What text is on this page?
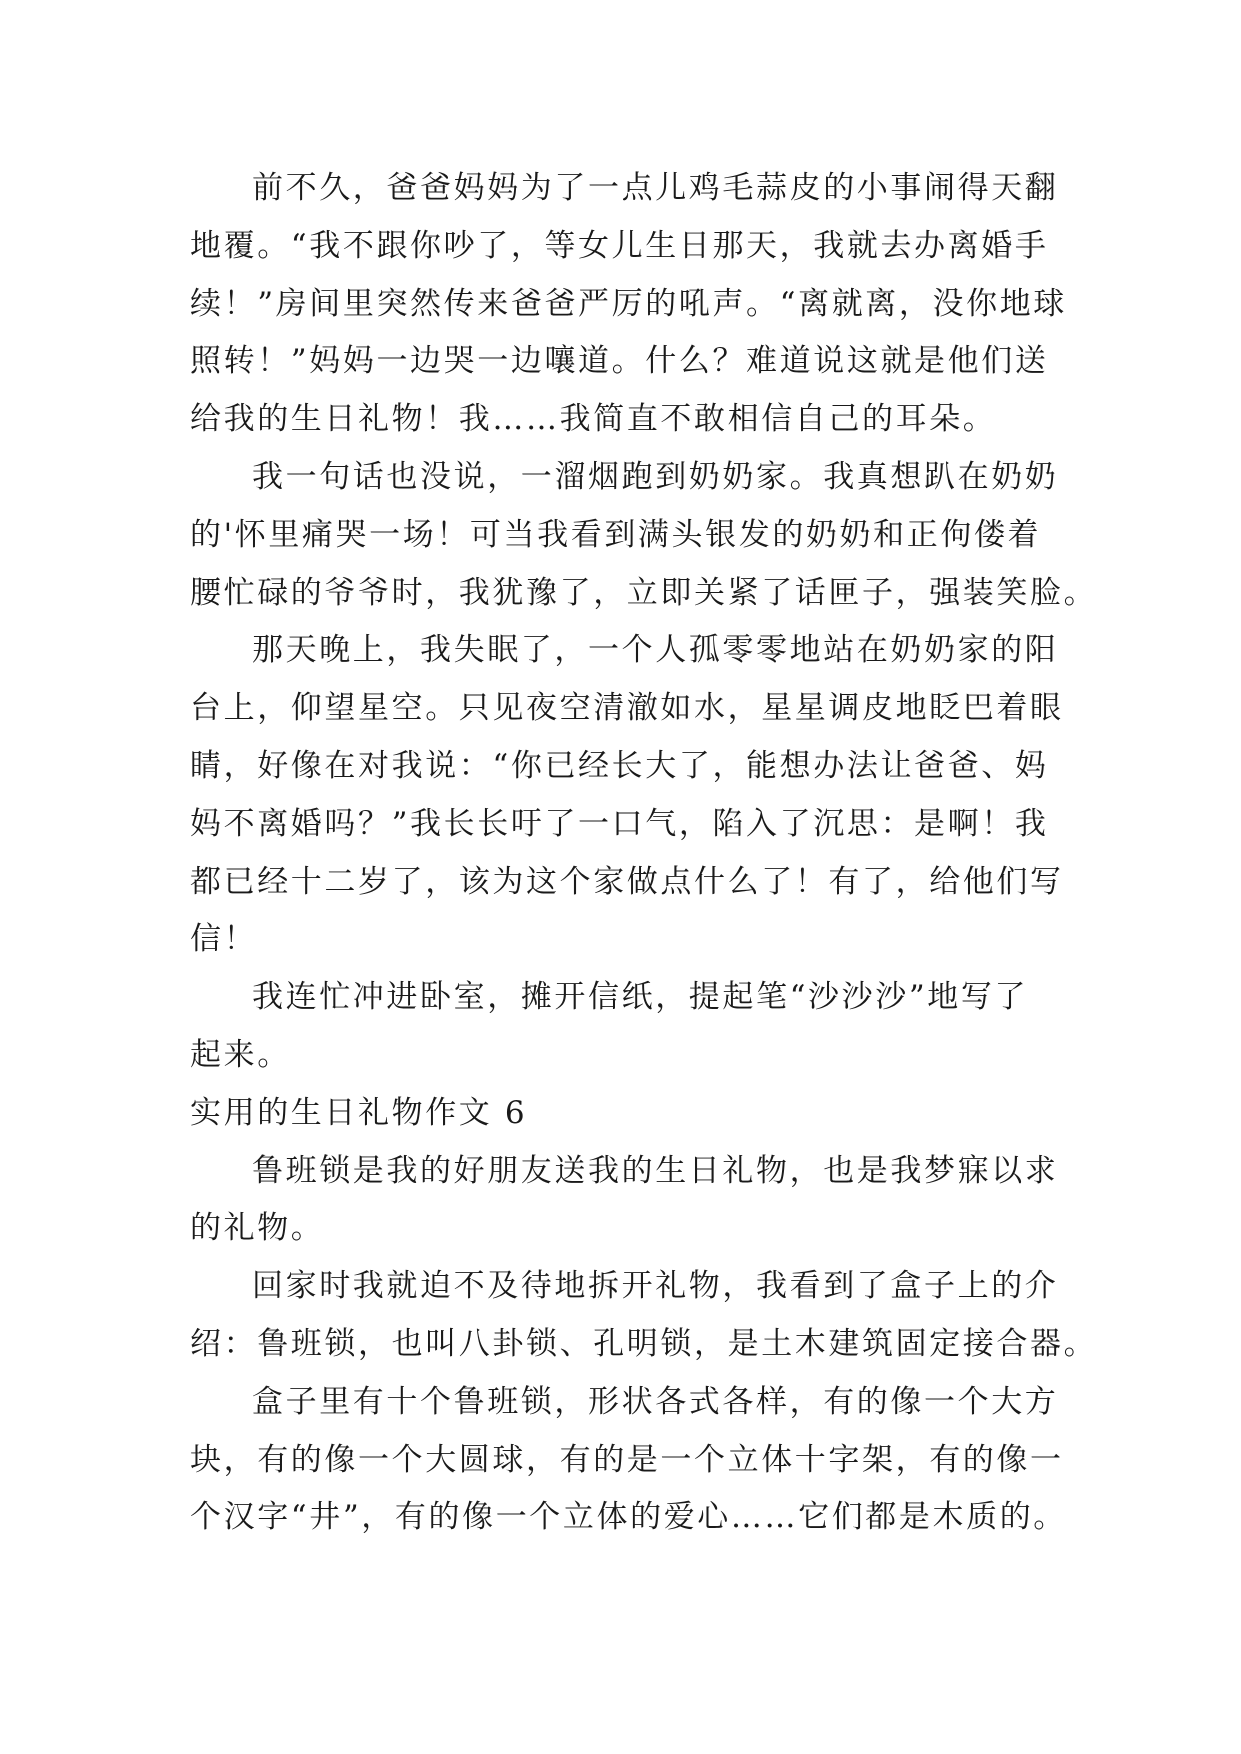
前不久，爸爸妈妈为了一点儿鸡毛蒜皮的小事闹得天翻
地覆。“我不跟你吵了，等女儿生日那天，我就去办离婚手
续！”房间里突然传来爸爸严厉的吼声。“离就离，没你地球
照转！”妈妈一边哭一边嚷道。什么？难道说这就是他们送
给我的生日礼物！我……我简直不敢相信自己的耳朵。
我一句话也没说，一溜烟跑到奶奶家。我真想趴在奶奶
的'怀里痛哭一场！可当我看到满头银发的奶奶和正佝偻着
腰忙碌的爷爷时，我犹豫了，立即关紧了话匣子，强装笑脸。
那天晚上，我失眠了，一个人孤零零地站在奶奶家的阳
台上，仰望星空。只见夜空清澈如水，星星调皮地眨巴着眼
睛，好像在对我说：“你已经长大了，能想办法让爸爸、妈
妈不离婚吗？”我长长吁了一口气，陷入了沉思：是啊！我
都已经十二岁了，该为这个家做点什么了！有了，给他们写
信！
我连忙冲进卧室，摊开信纸，提起笔“沙沙沙”地写了
起来。
实用的生日礼物作文 6
鲁班锁是我的好朋友送我的生日礼物，也是我梦寐以求
的礼物。
回家时我就迫不及待地拆开礼物，我看到了盒子上的介
绍：鲁班锁，也叫八卦锁、孔明锁，是土木建筑固定接合器。
盒子里有十个鲁班锁，形状各式各样，有的像一个大方
块，有的像一个大圆球，有的是一个立体十字架，有的像一
个汉字“井”，有的像一个立体的爱心……它们都是木质的。
